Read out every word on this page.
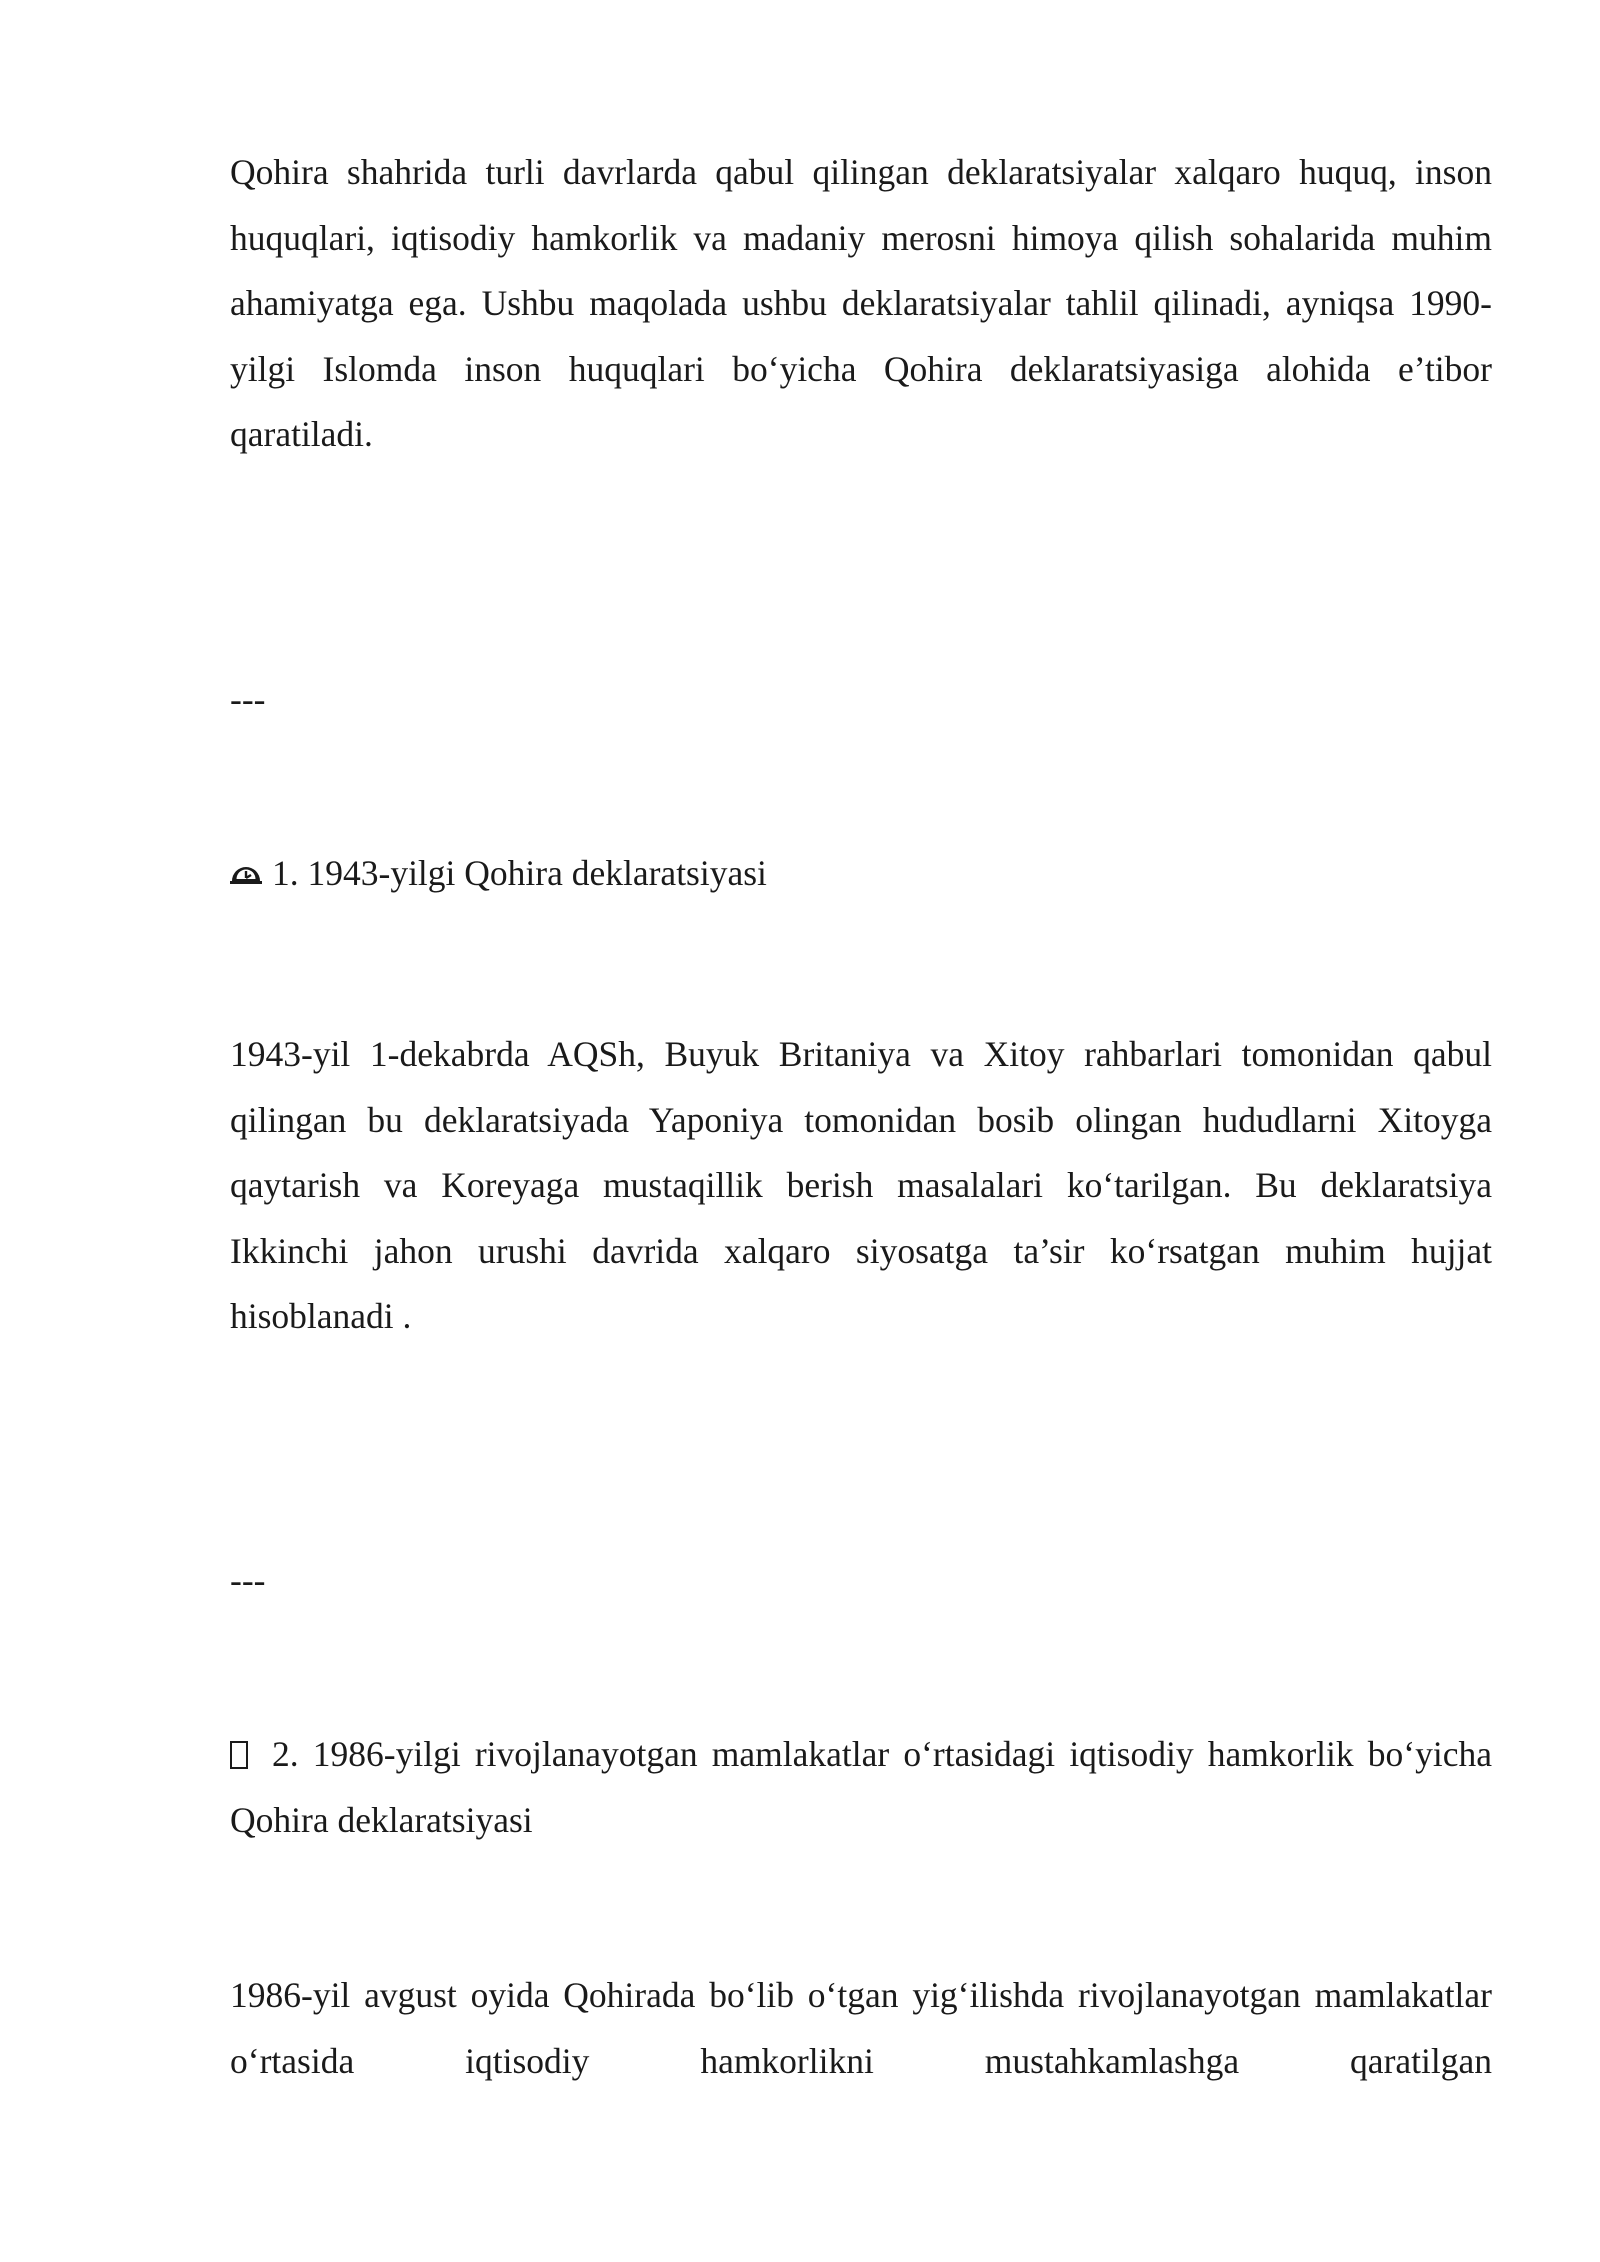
Qohira shahrida turli davrlarda qabul qilingan deklaratsiyalar xalqaro huquq, inson huquqlari, iqtisodiy hamkorlik va madaniy merosni himoya qilish sohalarida muhim ahamiyatga ega. Ushbu maqolada ushbu deklaratsiyalar tahlil qilinadi, ayniqsa 1990-yilgi Islomda inson huquqlari bo‘yicha Qohira deklaratsiyasiga alohida e’tibor qaratiladi.

---

1. 1943-yilgi Qohira deklaratsiyasi

1943-yil 1-dekabrda AQSh, Buyuk Britaniya va Xitoy rahbarlari tomonidan qabul qilingan bu deklaratsiyada Yaponiya tomonidan bosib olingan hududlarni Xitoyga qaytarish va Koreyaga mustaqillik berish masalalari ko‘tarilgan. Bu deklaratsiya Ikkinchi jahon urushi davrida xalqaro siyosatga ta’sir ko‘rsatgan muhim hujjat hisoblanadi .

---

2. 1986-yilgi rivojlanayotgan mamlakatlar o‘rtasidagi iqtisodiy hamkorlik bo‘yicha Qohira deklaratsiyasi

1986-yil avgust oyida Qohirada bo‘lib o‘tgan yig‘ilishda rivojlanayotgan mamlakatlar o‘rtasida iqtisodiy hamkorlikni mustahkamlashga qaratilgan
